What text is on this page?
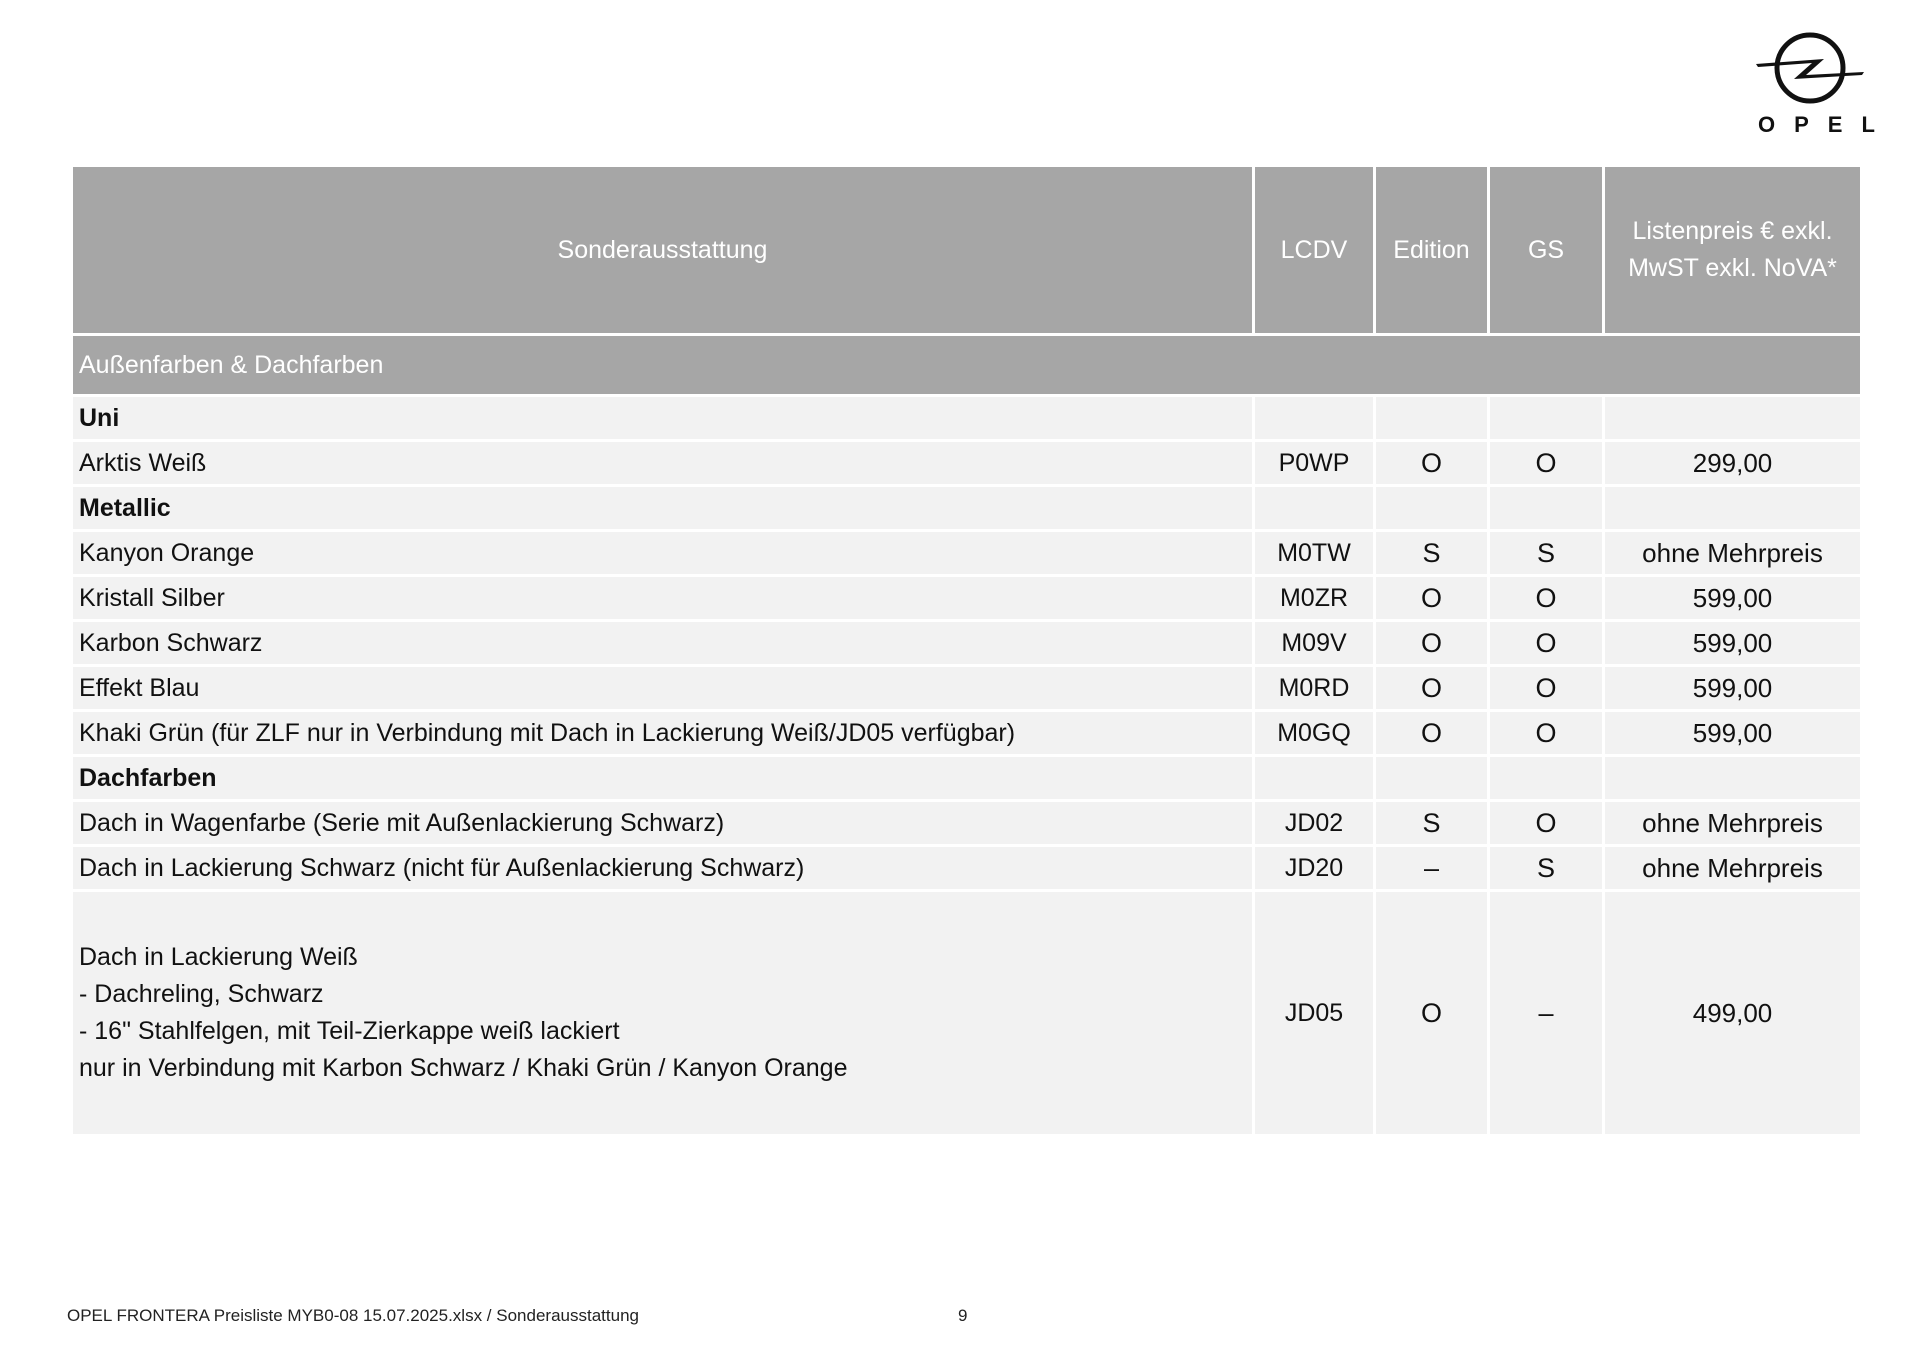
OPEL
Sonderausstattung	LCDV	Edition	GS	Listenpreis € exkl. MwST exkl. NoVA*
Außenfarben & Dachfarben				
Uni				
Arktis Weiß	P0WP	O	O	299,00
Metallic				
Kanyon Orange	M0TW	S	S	ohne Mehrpreis
Kristall Silber	M0ZR	O	O	599,00
Karbon Schwarz	M09V	O	O	599,00
Effekt Blau	M0RD	O	O	599,00
Khaki Grün (für ZLF nur in Verbindung mit Dach in Lackierung Weiß/JD05 verfügbar)	M0GQ	O	O	599,00
Dachfarben				
Dach in Wagenfarbe (Serie mit Außenlackierung Schwarz)	JD02	S	O	ohne Mehrpreis
Dach in Lackierung Schwarz (nicht für Außenlackierung Schwarz)	JD20	–	S	ohne Mehrpreis

Dach in Lackierung Weiß
- Dachreling, Schwarz
- 16" Stahlfelgen, mit Teil-Zierkappe weiß lackiert
nur in Verbindung mit Karbon Schwarz / Khaki Grün / Kanyon Orange	JD05	O	–	499,00
OPEL FRONTERA Preisliste MYB0-08 15.07.2025.xlsx / Sonderausstattung	9
